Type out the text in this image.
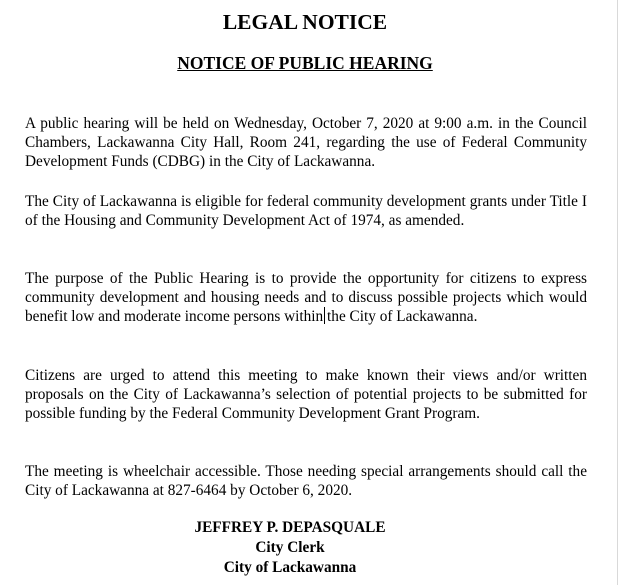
LEGAL NOTICE
NOTICE OF PUBLIC HEARING

A public hearing will be held on Wednesday, October 7, 2020 at 9:00 a.m. in the Council Chambers, Lackawanna City Hall, Room 241, regarding the use of Federal Community Development Funds (CDBG) in the City of Lackawanna.

The City of Lackawanna is eligible for federal community development grants under Title I of the Housing and Community Development Act of 1974, as amended.

The purpose of the Public Hearing is to provide the opportunity for citizens to express community development and housing needs and to discuss possible projects which would benefit low and moderate income persons within the City of Lackawanna.

Citizens are urged to attend this meeting to make known their views and/or written proposals on the City of Lackawanna’s selection of potential projects to be submitted for possible funding by the Federal Community Development Grant Program.

The meeting is wheelchair accessible. Those needing special arrangements should call the City of Lackawanna at 827-6464 by October 6, 2020.

JEFFREY P. DEPASQUALE
City Clerk
City of Lackawanna
